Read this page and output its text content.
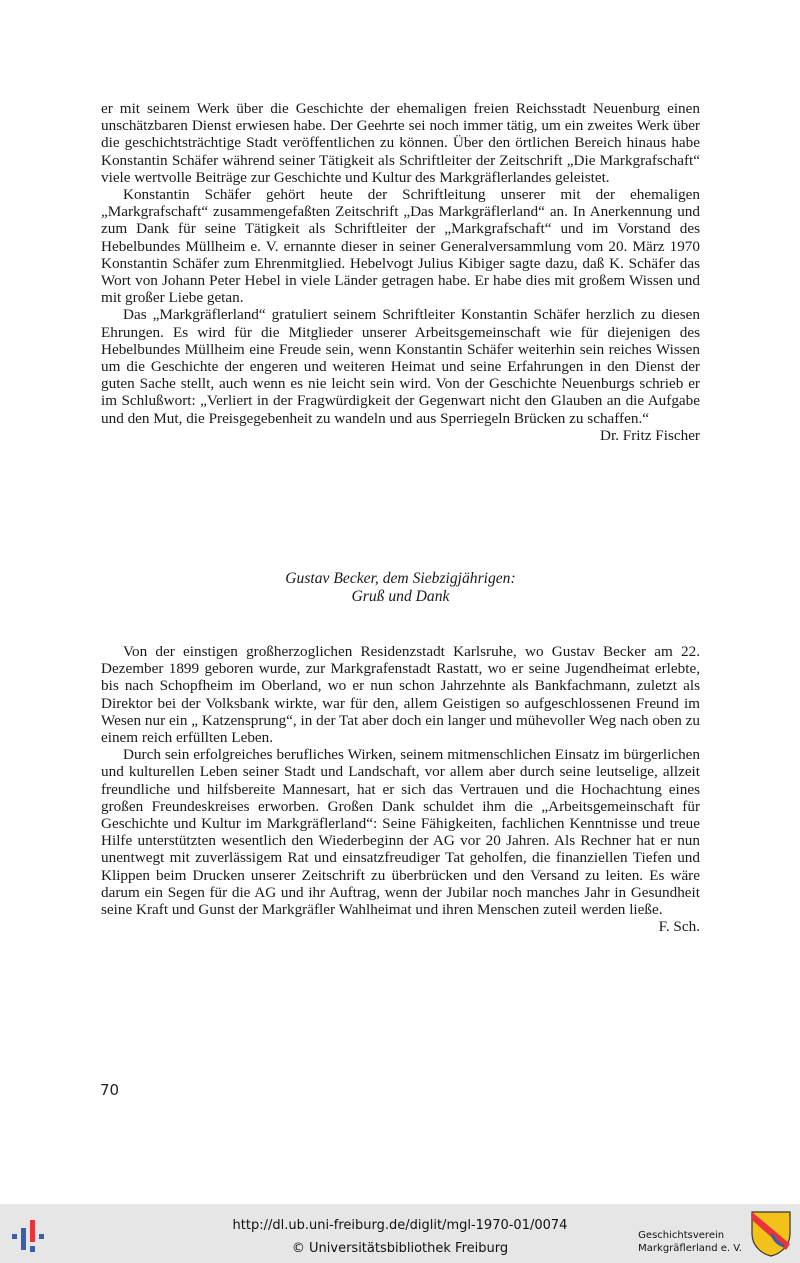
er mit seinem Werk über die Geschichte der ehemaligen freien Reichsstadt Neuenburg einen unschätzbaren Dienst erwiesen habe. Der Geehrte sei noch immer tätig, um ein zweites Werk über die geschichtsträchtige Stadt veröffentlichen zu können. Über den örtlichen Bereich hinaus habe Konstantin Schäfer während seiner Tätigkeit als Schriftleiter der Zeitschrift „Die Markgrafschaft“ viele wertvolle Beiträge zur Geschichte und Kultur des Markgräflerlandes geleistet.

Konstantin Schäfer gehört heute der Schriftleitung unserer mit der ehemaligen „Markgrafschaft“ zusammengefaßten Zeitschrift „Das Markgräflerland“ an. In Anerkennung und zum Dank für seine Tätigkeit als Schriftleiter der „Markgrafschaft“ und im Vorstand des Hebelbundes Müllheim e. V. ernannte dieser in seiner Generalversammlung vom 20. März 1970 Konstantin Schäfer zum Ehrenmitglied. Hebelvogt Julius Kibiger sagte dazu, daß K. Schäfer das Wort von Johann Peter Hebel in viele Länder getragen habe. Er habe dies mit großem Wissen und mit großer Liebe getan.

Das „Markgräflerland“ gratuliert seinem Schriftleiter Konstantin Schäfer herzlich zu diesen Ehrungen. Es wird für die Mitglieder unserer Arbeitsgemeinschaft wie für diejenigen des Hebelbundes Müllheim eine Freude sein, wenn Konstantin Schäfer weiterhin sein reiches Wissen um die Geschichte der engeren und weiteren Heimat und seine Erfahrungen in den Dienst der guten Sache stellt, auch wenn es nie leicht sein wird. Von der Geschichte Neuenburgs schrieb er im Schlußwort: „Verliert in der Fragwürdigkeit der Gegenwart nicht den Glauben an die Aufgabe und den Mut, die Preisgegebenheit zu wandeln und aus Sperriegeln Brücken zu schaffen.“
Dr. Fritz Fischer

Gustav Becker, dem Siebzigjährigen:
Gruß und Dank

Von der einstigen großherzoglichen Residenzstadt Karlsruhe, wo Gustav Becker am 22. Dezember 1899 geboren wurde, zur Markgrafenstadt Rastatt, wo er seine Jugendheimat erlebte, bis nach Schopfheim im Oberland, wo er nun schon Jahrzehnte als Bankfachmann, zuletzt als Direktor bei der Volksbank wirkte, war für den, allem Geistigen so aufgeschlossenen Freund im Wesen nur ein „ Katzensprung“, in der Tat aber doch ein langer und mühevoller Weg nach oben zu einem reich erfüllten Leben.

Durch sein erfolgreiches berufliches Wirken, seinem mitmenschlichen Einsatz im bürgerlichen und kulturellen Leben seiner Stadt und Landschaft, vor allem aber durch seine leutselige, allzeit freundliche und hilfsbereite Mannesart, hat er sich das Vertrauen und die Hochachtung eines großen Freundeskreises erworben. Großen Dank schuldet ihm die „Arbeitsgemeinschaft für Geschichte und Kultur im Markgräflerland“: Seine Fähigkeiten, fachlichen Kenntnisse und treue Hilfe unterstützten wesentlich den Wiederbeginn der AG vor 20 Jahren. Als Rechner hat er nun unentwegt mit zuverlässigem Rat und einsatzfreudiger Tat geholfen, die finanziellen Tiefen und Klippen beim Drucken unserer Zeitschrift zu überbrücken und den Versand zu leiten. Es wäre darum ein Segen für die AG und ihr Auftrag, wenn der Jubilar noch manches Jahr in Gesundheit seine Kraft und Gunst der Markgräfler Wahlheimat und ihren Menschen zuteil werden ließe.
F. Sch.

70
http://dl.ub.uni-freiburg.de/diglit/mgl-1970-01/0074
© Universitätsbibliothek Freiburg
Geschichtsverein
Markgräflerland e. V.
